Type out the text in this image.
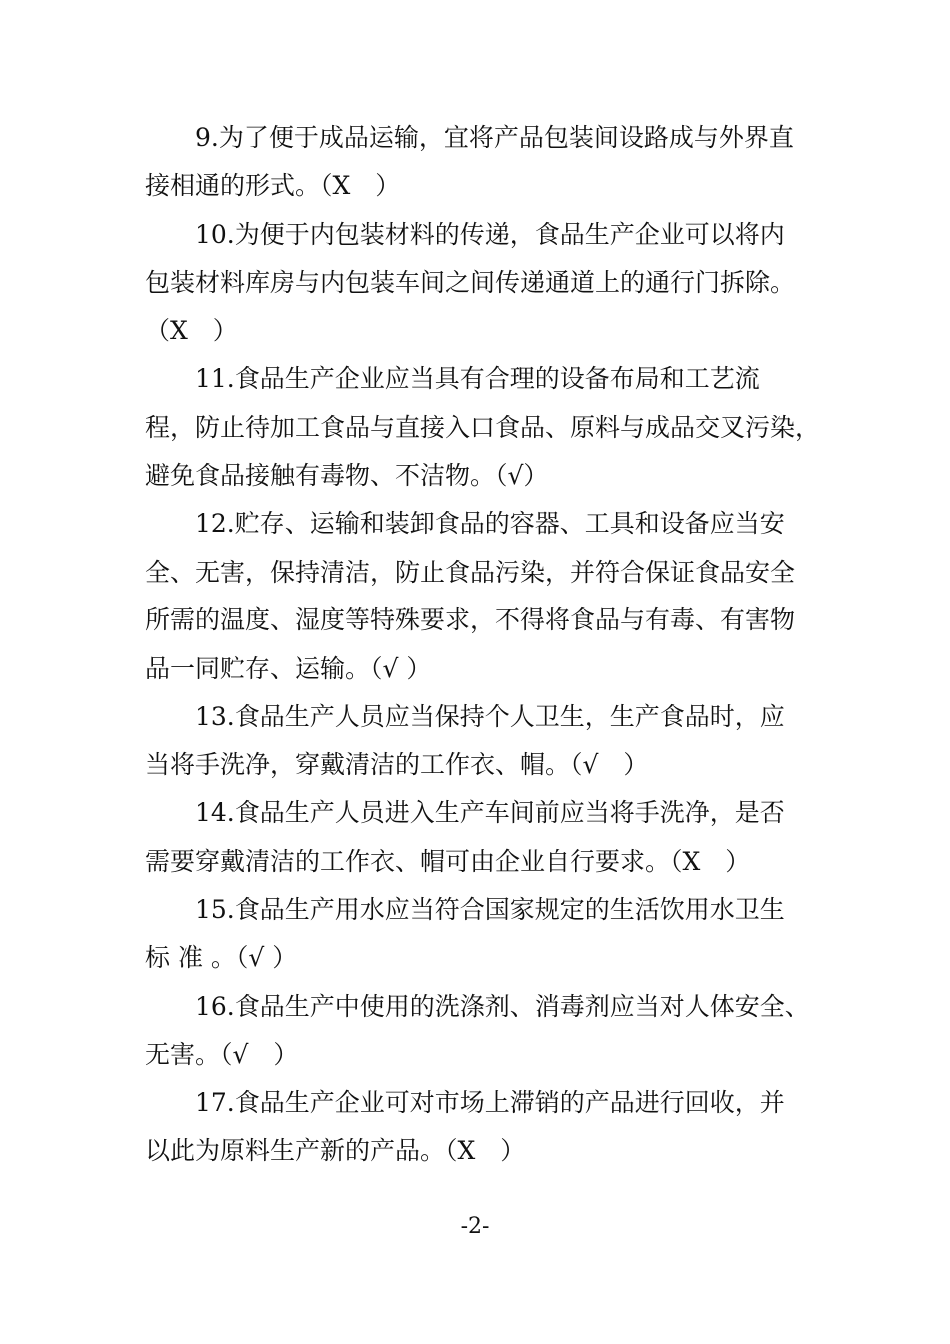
9.为了便于成品运输，宜将产品包装间设路成与外界直
接相通的形式。（X　）
10.为便于内包装材料的传递，食品生产企业可以将内
包装材料库房与内包装车间之间传递通道上的通行门拆除。
（X　）
11.食品生产企业应当具有合理的设备布局和工艺流
程，防止待加工食品与直接入口食品、原料与成品交叉污染，
避免食品接触有毒物、不洁物。（√）
12.贮存、运输和装卸食品的容器、工具和设备应当安
全、无害，保持清洁，防止食品污染，并符合保证食品安全
所需的温度、湿度等特殊要求，不得将食品与有毒、有害物
品一同贮存、运输。（√ ）
13.食品生产人员应当保持个人卫生，生产食品时，应
当将手洗净，穿戴清洁的工作衣、帽。（√　）
14.食品生产人员进入生产车间前应当将手洗净，是否
需要穿戴清洁的工作衣、帽可由企业自行要求。（X　）
15.食品生产用水应当符合国家规定的生活饮用水卫生
标 准 。（√ ）
16.食品生产中使用的洗涤剂、消毒剂应当对人体安全、
无害。（√　）
17.食品生产企业可对市场上滞销的产品进行回收，并
以此为原料生产新的产品。（X　）
-2-
